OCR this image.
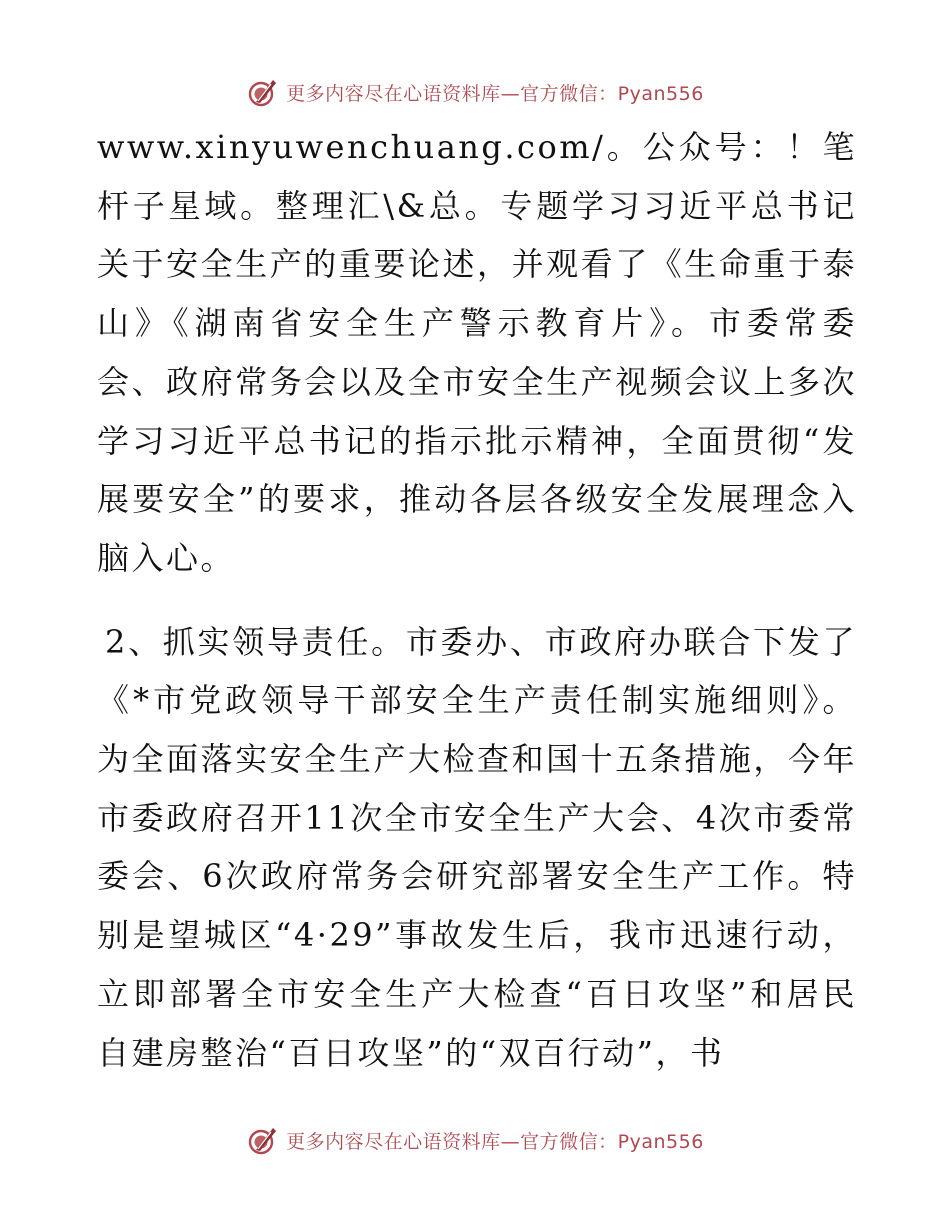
更多内容尽在心语资料库—官方微信：Pyan556

www.xinyuwenchuang.com/。公众号：！笔杆子星域。整理汇\&总。专题学习习近平总书记关于安全生产的重要论述，并观看了《生命重于泰山》《湖南省安全生产警示教育片》。市委常委会、政府常务会以及全市安全生产视频会议上多次学习习近平总书记的指示批示精神，全面贯彻“发展要安全”的要求，推动各层各级安全发展理念入脑入心。

2、抓实领导责任。市委办、市政府办联合下发了《*市党政领导干部安全生产责任制实施细则》。为全面落实安全生产大检查和国十五条措施，今年市委政府召开11次全市安全生产大会、4次市委常委会、6次政府常务会研究部署安全生产工作。特别是望城区“4·29”事故发生后，我市迅速行动，立即部署全市安全生产大检查“百日攻坚”和居民自建房整治“百日攻坚”的“双百行动”，书

更多内容尽在心语资料库—官方微信：Pyan556
